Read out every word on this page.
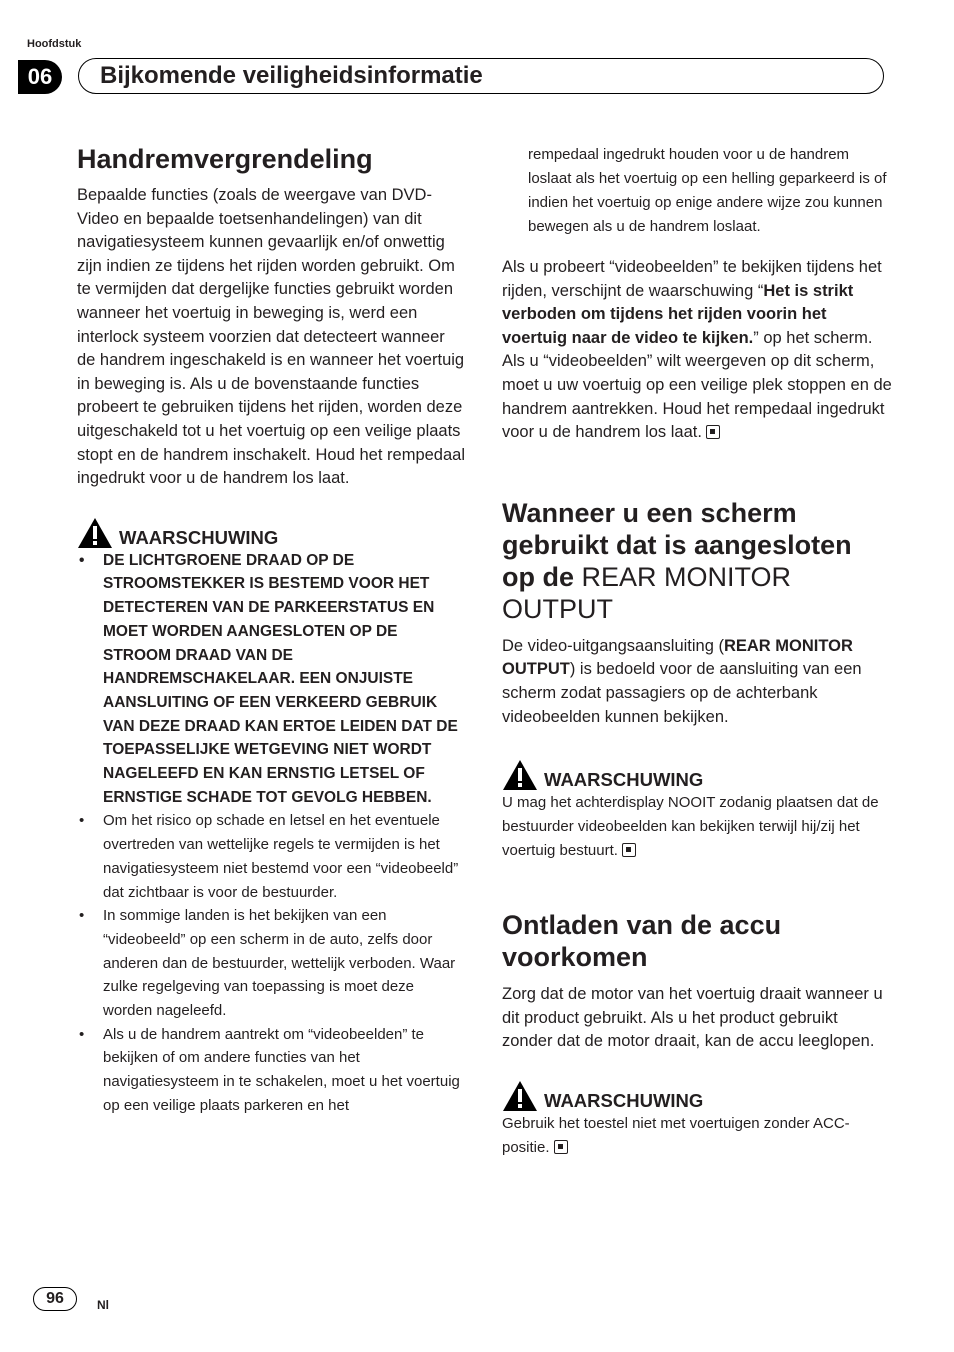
Hoofdstuk
06	Bijkomende veiligheidsinformatie
Handremvergrendeling

Bepaalde functies (zoals de weergave van DVD-Video en bepaalde toetsenhandelingen) van dit navigatiesysteem kunnen gevaarlijk en/of onwettig zijn indien ze tijdens het rijden worden gebruikt. Om te vermijden dat dergelijke functies gebruikt worden wanneer het voertuig in beweging is, werd een interlock systeem voorzien dat detecteert wanneer de handrem ingeschakeld is en wanneer het voertuig in beweging is. Als u de bovenstaande functies probeert te gebruiken tijdens het rijden, worden deze uitgeschakeld tot u het voertuig op een veilige plaats stopt en de handrem inschakelt. Houd het rempedaal ingedrukt voor u de handrem los laat.

WAARSCHUWING
• DE LICHTGROENE DRAAD OP DE STROOMSTEKKER IS BESTEMD VOOR HET DETECTEREN VAN DE PARKEERSTATUS EN MOET WORDEN AANGESLOTEN OP DE STROOM DRAAD VAN DE HANDREMSCHAKELAAR. EEN ONJUISTE AANSLUITING OF EEN VERKEERD GEBRUIK VAN DEZE DRAAD KAN ERTOE LEIDEN DAT DE TOEPASSELIJKE WETGEVING NIET WORDT NAGELEEFD EN KAN ERNSTIG LETSEL OF ERNSTIGE SCHADE TOT GEVOLG HEBBEN.
• Om het risico op schade en letsel en het eventuele overtreden van wettelijke regels te vermijden is het navigatiesysteem niet bestemd voor een “videobeeld” dat zichtbaar is voor de bestuurder.
• In sommige landen is het bekijken van een “videobeeld” op een scherm in de auto, zelfs door anderen dan de bestuurder, wettelijk verboden. Waar zulke regelgeving van toepassing is moet deze worden nageleefd.
• Als u de handrem aantrekt om “videobeelden” te bekijken of om andere functies van het navigatiesysteem in te schakelen, moet u het voertuig op een veilige plaats parkeren en het

rempedaal ingedrukt houden voor u de handrem loslaat als het voertuig op een helling geparkeerd is of indien het voertuig op enige andere wijze zou kunnen bewegen als u de handrem loslaat.

Als u probeert “videobeelden” te bekijken tijdens het rijden, verschijnt de waarschuwing “Het is strikt verboden om tijdens het rijden voorin het voertuig naar de video te kijken.” op het scherm. Als u “videobeelden” wilt weergeven op dit scherm, moet u uw voertuig op een veilige plek stoppen en de handrem aantrekken. Houd het rempedaal ingedrukt voor u de handrem los laat.

Wanneer u een scherm gebruikt dat is aangesloten op de REAR MONITOR OUTPUT

De video-uitgangsaansluiting (REAR MONITOR OUTPUT) is bedoeld voor de aansluiting van een scherm zodat passagiers op de achterbank videobeelden kunnen bekijken.

WAARSCHUWING

U mag het achterdisplay NOOIT zodanig plaatsen dat de bestuurder videobeelden kan bekijken terwijl hij/zij het voertuig bestuurt.

Ontladen van de accu voorkomen

Zorg dat de motor van het voertuig draait wanneer u dit product gebruikt. Als u het product gebruikt zonder dat de motor draait, kan de accu leeglopen.

WAARSCHUWING

Gebruik het toestel niet met voertuigen zonder ACC-positie.

96	Nl
